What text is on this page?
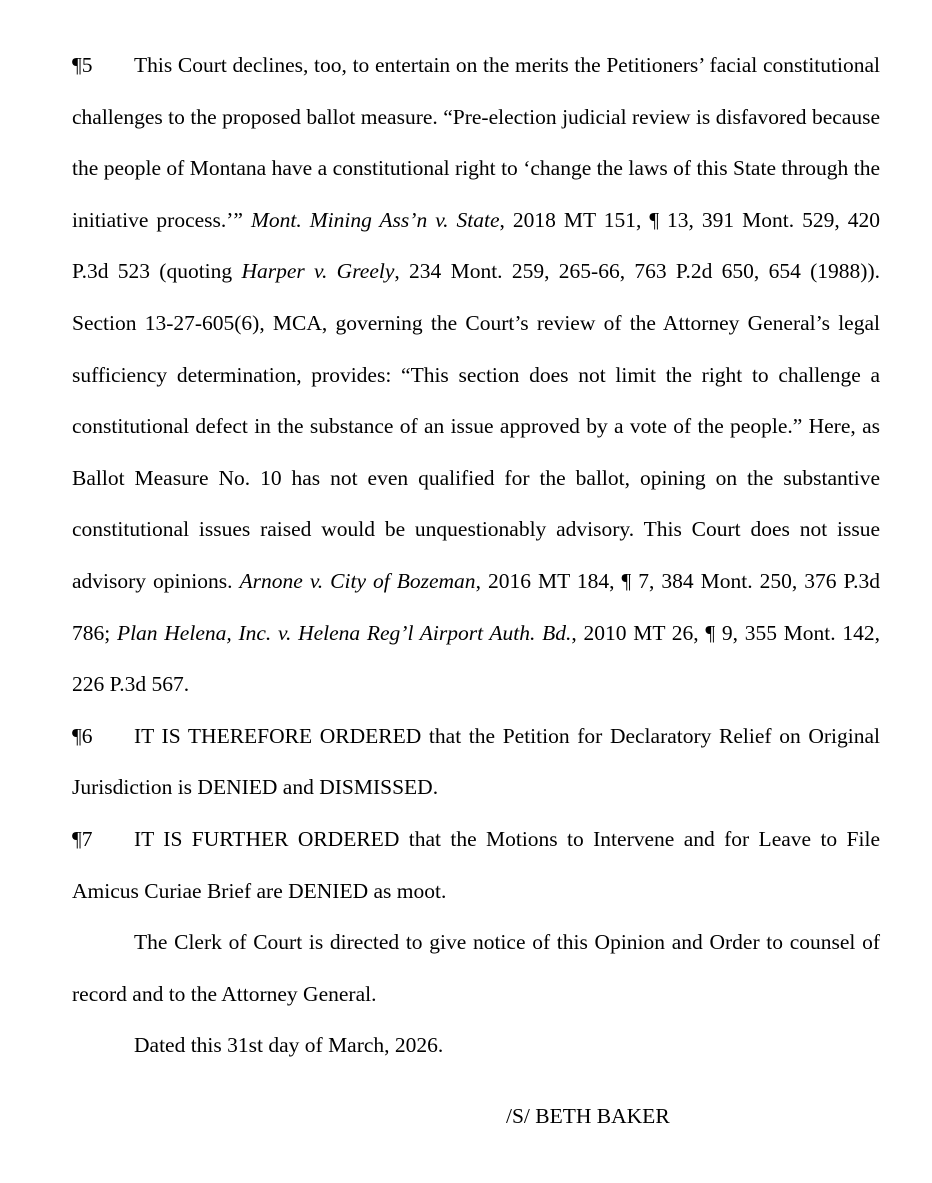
¶5 This Court declines, too, to entertain on the merits the Petitioners’ facial constitutional challenges to the proposed ballot measure. “Pre-election judicial review is disfavored because the people of Montana have a constitutional right to ‘change the laws of this State through the initiative process.’” Mont. Mining Ass’n v. State, 2018 MT 151, ¶ 13, 391 Mont. 529, 420 P.3d 523 (quoting Harper v. Greely, 234 Mont. 259, 265-66, 763 P.2d 650, 654 (1988)). Section 13-27-605(6), MCA, governing the Court’s review of the Attorney General’s legal sufficiency determination, provides: “This section does not limit the right to challenge a constitutional defect in the substance of an issue approved by a vote of the people.” Here, as Ballot Measure No. 10 has not even qualified for the ballot, opining on the substantive constitutional issues raised would be unquestionably advisory. This Court does not issue advisory opinions. Arnone v. City of Bozeman, 2016 MT 184, ¶ 7, 384 Mont. 250, 376 P.3d 786; Plan Helena, Inc. v. Helena Reg’l Airport Auth. Bd., 2010 MT 26, ¶ 9, 355 Mont. 142, 226 P.3d 567.

¶6 IT IS THEREFORE ORDERED that the Petition for Declaratory Relief on Original Jurisdiction is DENIED and DISMISSED.

¶7 IT IS FURTHER ORDERED that the Motions to Intervene and for Leave to File Amicus Curiae Brief are DENIED as moot.

The Clerk of Court is directed to give notice of this Opinion and Order to counsel of record and to the Attorney General.

Dated this 31st day of March, 2026.

/S/ BETH BAKER
